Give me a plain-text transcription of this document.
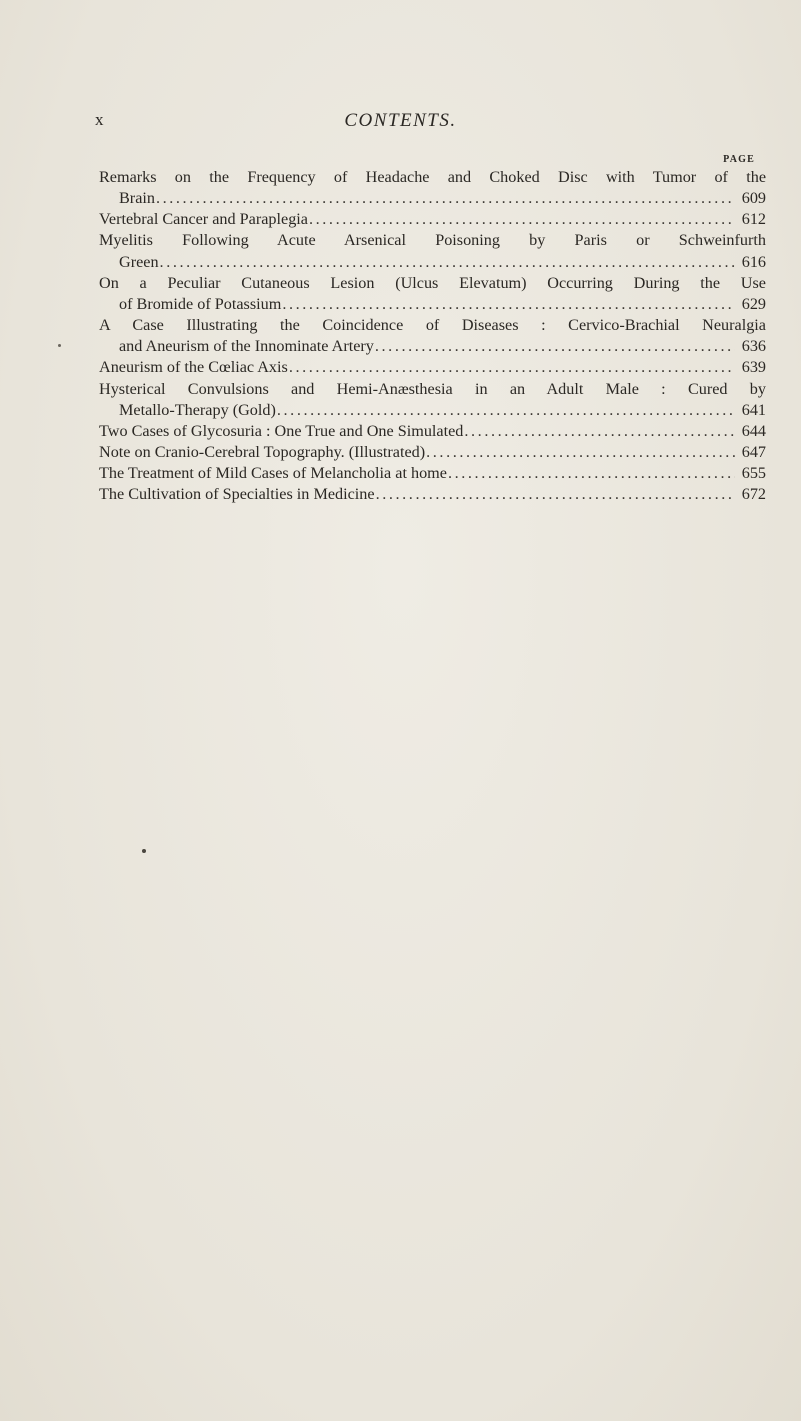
x	CONTENTS.
PAGE
Remarks on the Frequency of Headache and Choked Disc with Tumor of the
Brain .....	609
Vertebral Cancer and Paraplegia .....	612
Myelitis Following Acute Arsenical Poisoning by Paris or Schweinfurth
Green .....	616
On a Peculiar Cutaneous Lesion (Ulcus Elevatum) Occurring During the Use
of Bromide of Potassium .....	629
A Case Illustrating the Coincidence of Diseases : Cervico-Brachial Neuralgia
and Aneurism of the Innominate Artery .....	636
Aneurism of the Cœliac Axis .....	639
Hysterical Convulsions and Hemi-Anæsthesia in an Adult Male : Cured by
Metallo-Therapy (Gold) .....	641
Two Cases of Glycosuria : One True and One Simulated .....	644
Note on Cranio-Cerebral Topography. (Illustrated) .....	647
The Treatment of Mild Cases of Melancholia at home .....	655
The Cultivation of Specialties in Medicine .....	672
